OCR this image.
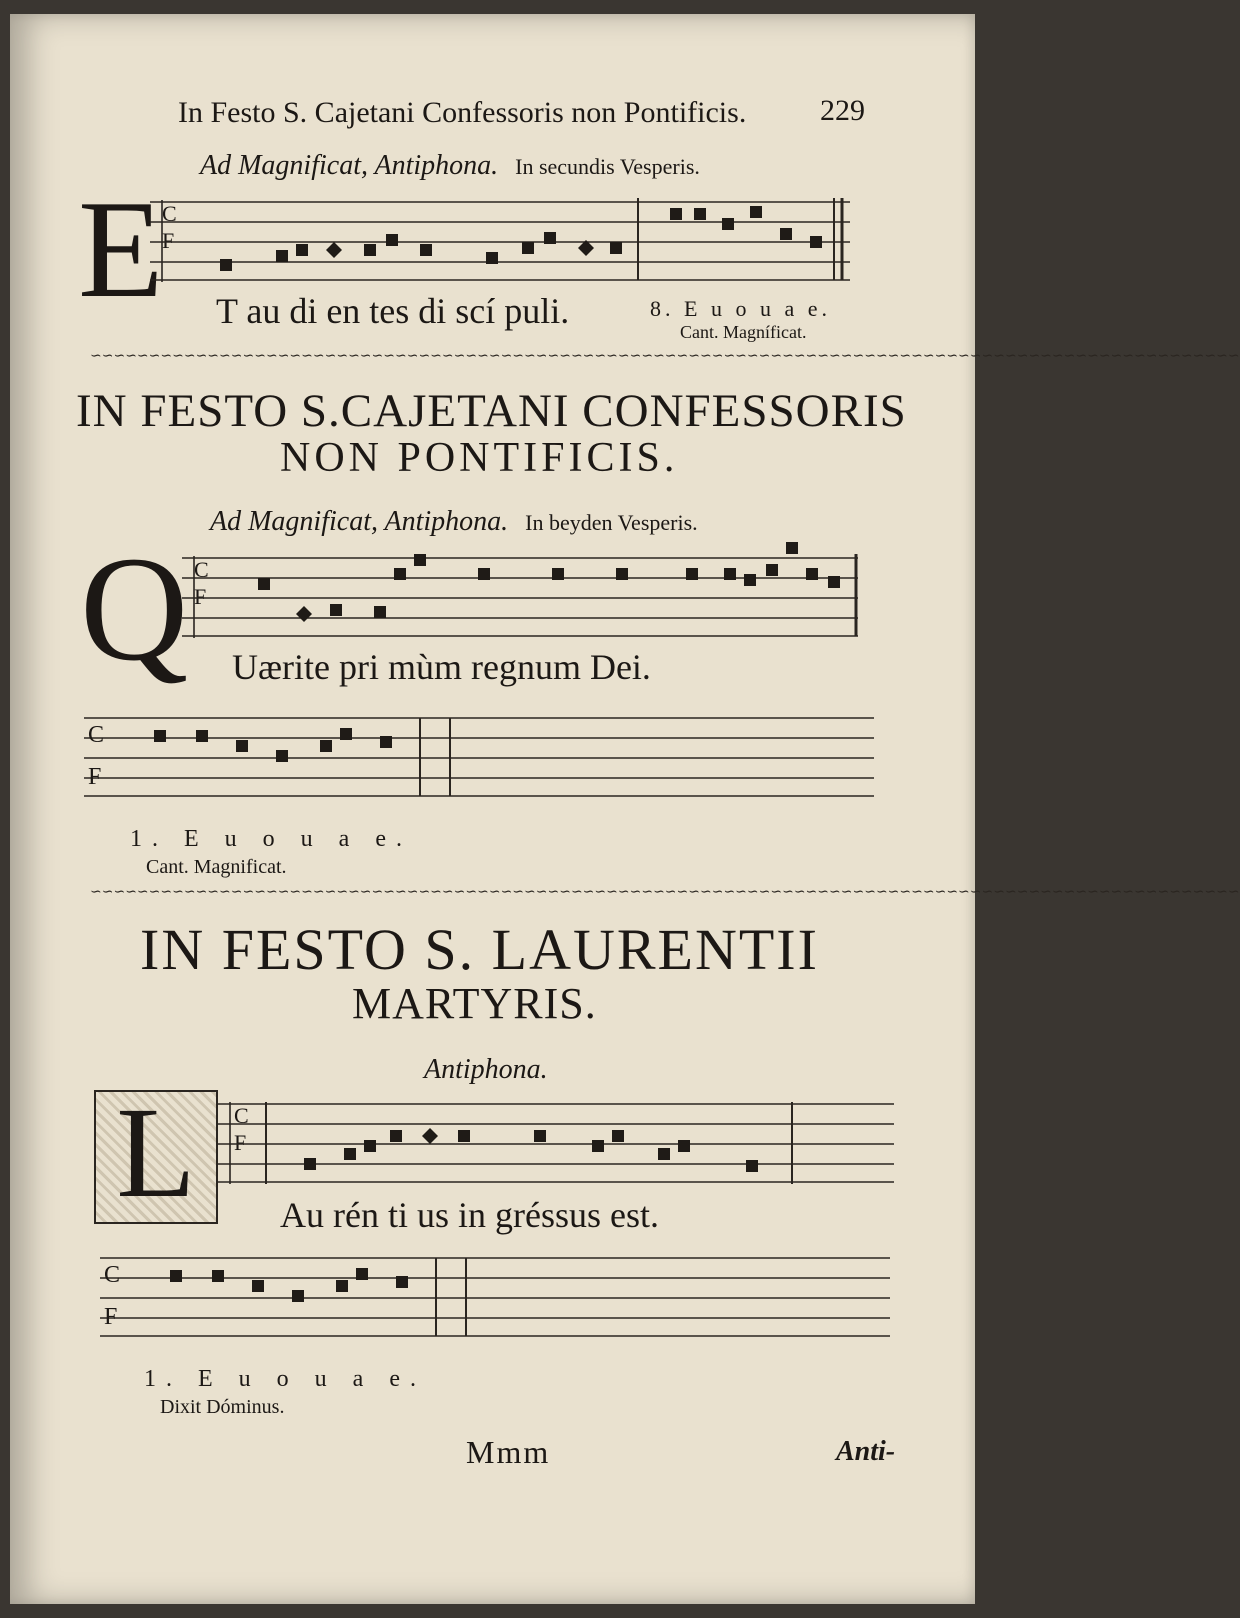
In Festo S. Cajetani Confessoris non Pontificis. 229
Ad Magnificat, Antiphona. In secundis Vesperis.
E
C
F
T au di en tes di scí puli.	8. E u o u a e.
Cant. Magníficat.
∽∽∽∽∽∽∽∽∽∽∽∽∽∽∽∽∽∽∽∽∽∽∽∽∽∽∽∽∽∽∽∽∽∽∽∽∽∽∽∽∽∽∽∽∽∽∽∽∽∽∽∽∽∽∽∽∽∽∽∽∽∽∽∽∽∽∽∽∽∽∽∽∽∽∽∽∽∽∽∽∽∽∽∽∽∽∽∽∽∽∽∽∽∽∽∽∽∽
IN FESTO S.CAJETANI CONFESSORIS
NON PONTIFICIS.
Ad Magnificat, Antiphona. In beyden Vesperis.
Q C
F
Uærite pri mùm regnum Dei.
C
F
1. E u o u a e.
Cant. Magnificat.
∽∽∽∽∽∽∽∽∽∽∽∽∽∽∽∽∽∽∽∽∽∽∽∽∽∽∽∽∽∽∽∽∽∽∽∽∽∽∽∽∽∽∽∽∽∽∽∽∽∽∽∽∽∽∽∽∽∽∽∽∽∽∽∽∽∽∽∽∽∽∽∽∽∽∽∽∽∽∽∽∽∽∽∽∽∽∽∽∽∽∽∽∽∽∽∽∽∽
IN FESTO S. LAURENTII
MARTYRIS.
Antiphona.
L	C
F
Au rén ti us in gréssus est.
C
F
1. E u o u a e.
Dixit Dóminus.
Mmm	Anti-
